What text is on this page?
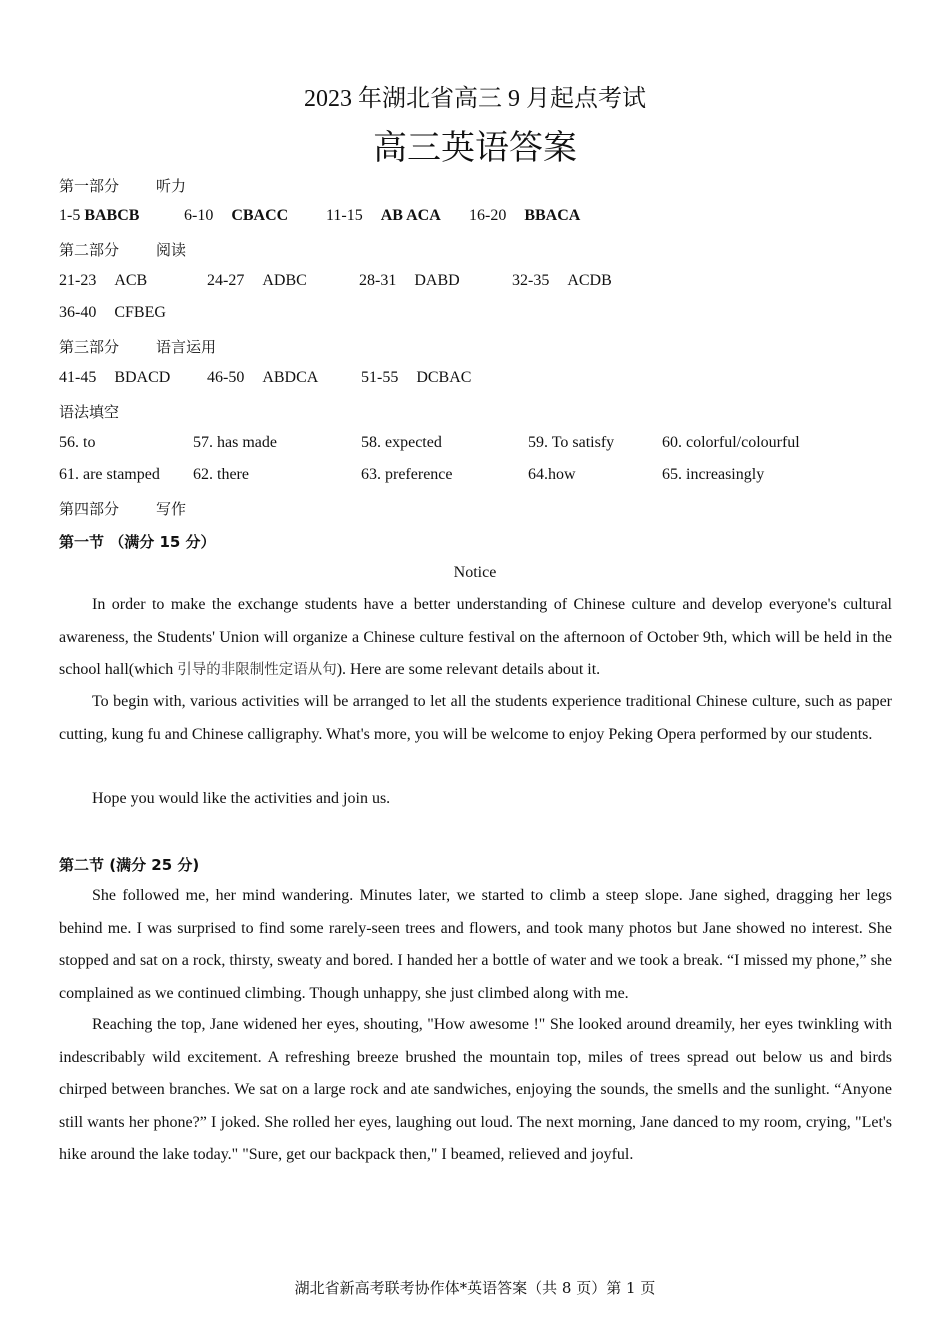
2023 年湖北省高三 9 月起点考试
高三英语答案
第一部分 听力
1-5 BABCB	6-10 CBACC 11-15 AB ACA 16-20 BBACA
第二部分 阅读
21-23 ACB	24-27 ADBC	28-31 DABD	32-35 ACDB
36-40 CFBEG
第三部分 语言运用
41-45 BDACD 46-50 ABDCA	51-55 DCBAC
语法填空
56. to	57. has made	58. expected	59. To satisfy	60. colorful/colourful
61. are stamped 62. there	63. preference	64.how	65. increasingly
第四部分 写作
第一节 （满分 15 分）
Notice
In order to make the exchange students have a better understanding of Chinese culture and develop everyone's cultural awareness, the Students' Union will organize a Chinese culture festival on the afternoon of October 9th, which will be held in the school hall(which 引导的非限制性定语从句). Here are some relevant details about it.
To begin with, various activities will be arranged to let all the students experience traditional Chinese culture, such as paper cutting, kung fu and Chinese calligraphy. What's more, you will be welcome to enjoy Peking Opera performed by our students.
Hope you would like the activities and join us.
第二节 (满分 25 分)
She followed me, her mind wandering. Minutes later, we started to climb a steep slope. Jane sighed, dragging her legs behind me. I was surprised to find some rarely-seen trees and flowers, and took many photos but Jane showed no interest. She stopped and sat on a rock, thirsty, sweaty and bored. I handed her a bottle of water and we took a break. “I missed my phone,” she complained as we continued climbing. Though unhappy, she just climbed along with me.
Reaching the top, Jane widened her eyes, shouting, "How awesome !" She looked around dreamily, her eyes twinkling with indescribably wild excitement. A refreshing breeze brushed the mountain top, miles of trees spread out below us and birds chirped between branches. We sat on a large rock and ate sandwiches, enjoying the sounds, the smells and the sunlight. “Anyone still wants her phone?” I joked. She rolled her eyes, laughing out loud. The next morning, Jane danced to my room, crying, "Let's hike around the lake today." "Sure, get our backpack then," I beamed, relieved and joyful.
湖北省新高考联考协作体*英语答案（共 8 页）第 1 页
